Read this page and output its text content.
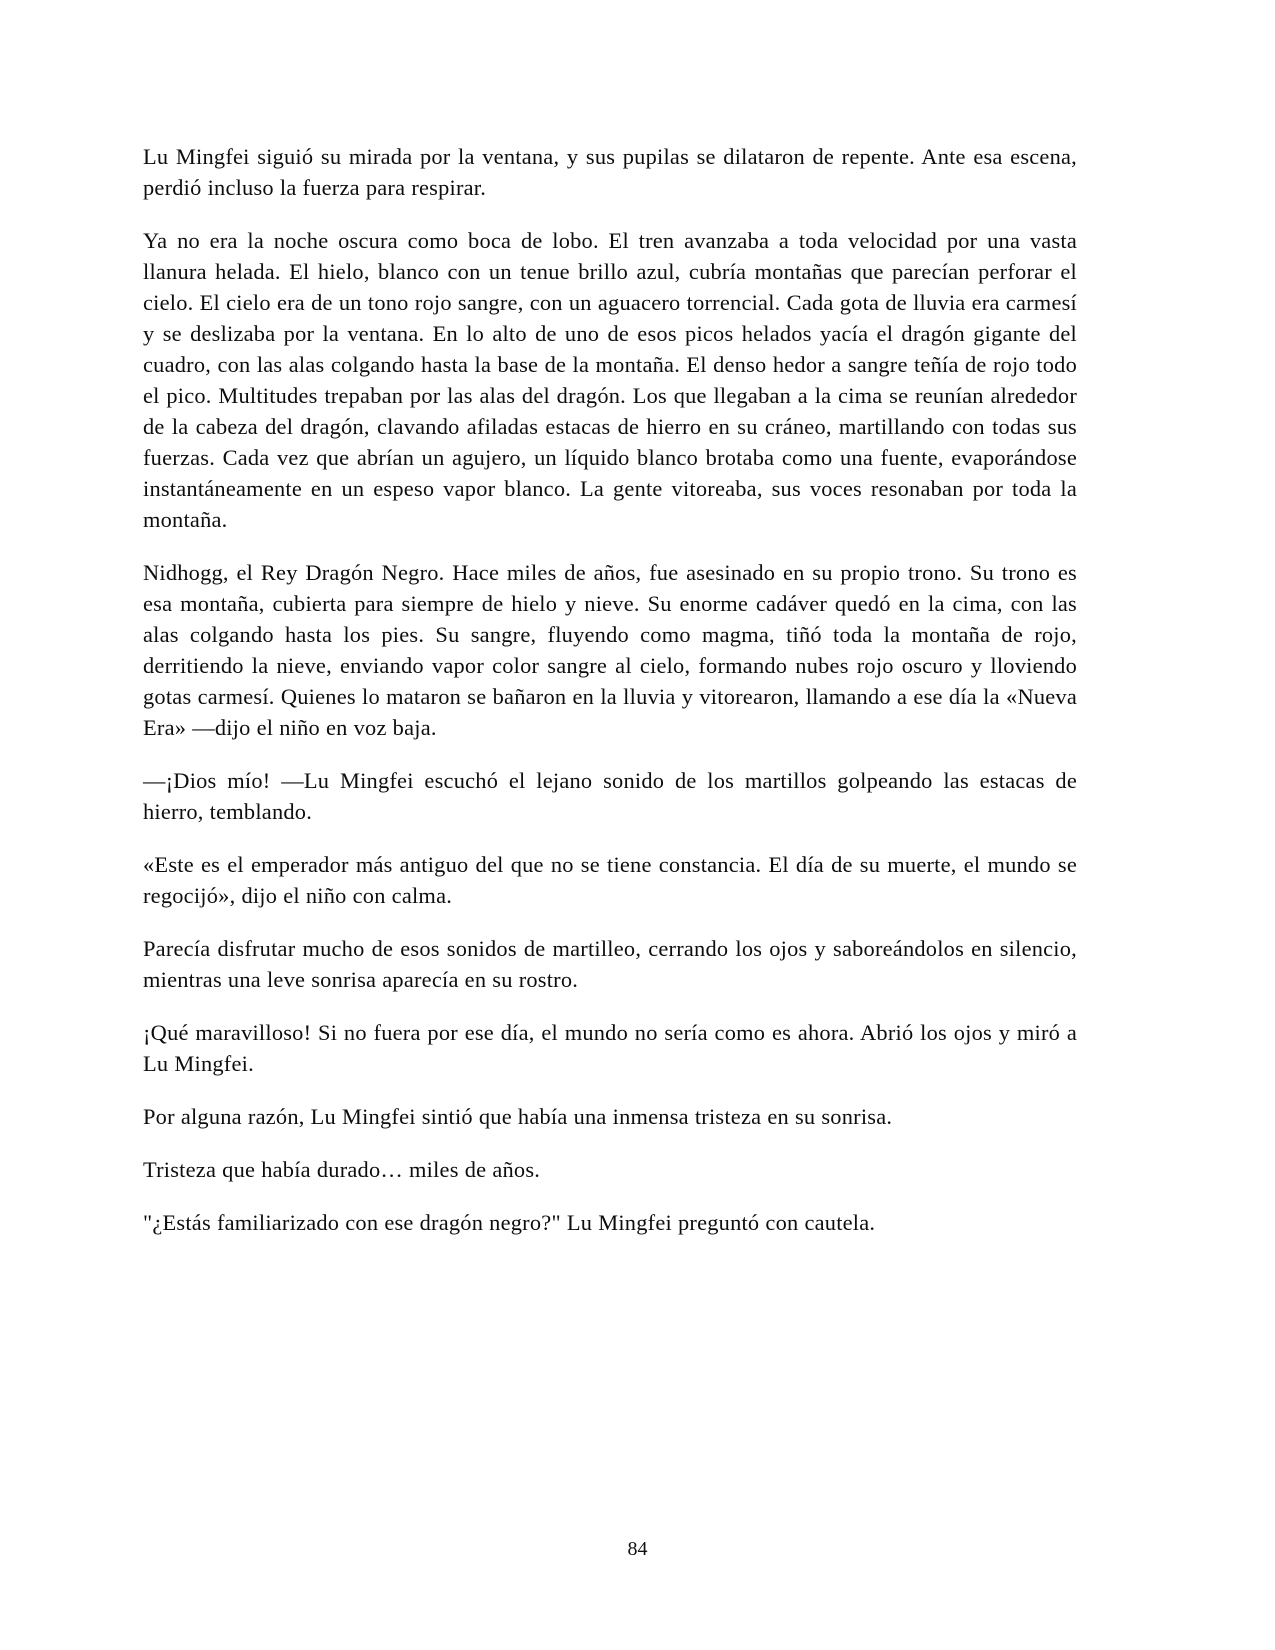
Lu Mingfei siguió su mirada por la ventana, y sus pupilas se dilataron de repente. Ante esa escena, perdió incluso la fuerza para respirar.

Ya no era la noche oscura como boca de lobo. El tren avanzaba a toda velocidad por una vasta llanura helada. El hielo, blanco con un tenue brillo azul, cubría montañas que parecían perforar el cielo. El cielo era de un tono rojo sangre, con un aguacero torrencial. Cada gota de lluvia era carmesí y se deslizaba por la ventana. En lo alto de uno de esos picos helados yacía el dragón gigante del cuadro, con las alas colgando hasta la base de la montaña. El denso hedor a sangre teñía de rojo todo el pico. Multitudes trepaban por las alas del dragón. Los que llegaban a la cima se reunían alrededor de la cabeza del dragón, clavando afiladas estacas de hierro en su cráneo, martillando con todas sus fuerzas. Cada vez que abrían un agujero, un líquido blanco brotaba como una fuente, evaporándose instantáneamente en un espeso vapor blanco. La gente vitoreaba, sus voces resonaban por toda la montaña.

Nidhogg, el Rey Dragón Negro. Hace miles de años, fue asesinado en su propio trono. Su trono es esa montaña, cubierta para siempre de hielo y nieve. Su enorme cadáver quedó en la cima, con las alas colgando hasta los pies. Su sangre, fluyendo como magma, tiñó toda la montaña de rojo, derritiendo la nieve, enviando vapor color sangre al cielo, formando nubes rojo oscuro y lloviendo gotas carmesí. Quienes lo mataron se bañaron en la lluvia y vitorearon, llamando a ese día la «Nueva Era» —dijo el niño en voz baja.

—¡Dios mío! —Lu Mingfei escuchó el lejano sonido de los martillos golpeando las estacas de hierro, temblando.

«Este es el emperador más antiguo del que no se tiene constancia. El día de su muerte, el mundo se regocijó», dijo el niño con calma.

Parecía disfrutar mucho de esos sonidos de martilleo, cerrando los ojos y saboreándolos en silencio, mientras una leve sonrisa aparecía en su rostro.

¡Qué maravilloso! Si no fuera por ese día, el mundo no sería como es ahora. Abrió los ojos y miró a Lu Mingfei.

Por alguna razón, Lu Mingfei sintió que había una inmensa tristeza en su sonrisa.

Tristeza que había durado… miles de años.

"¿Estás familiarizado con ese dragón negro?" Lu Mingfei preguntó con cautela.

84
